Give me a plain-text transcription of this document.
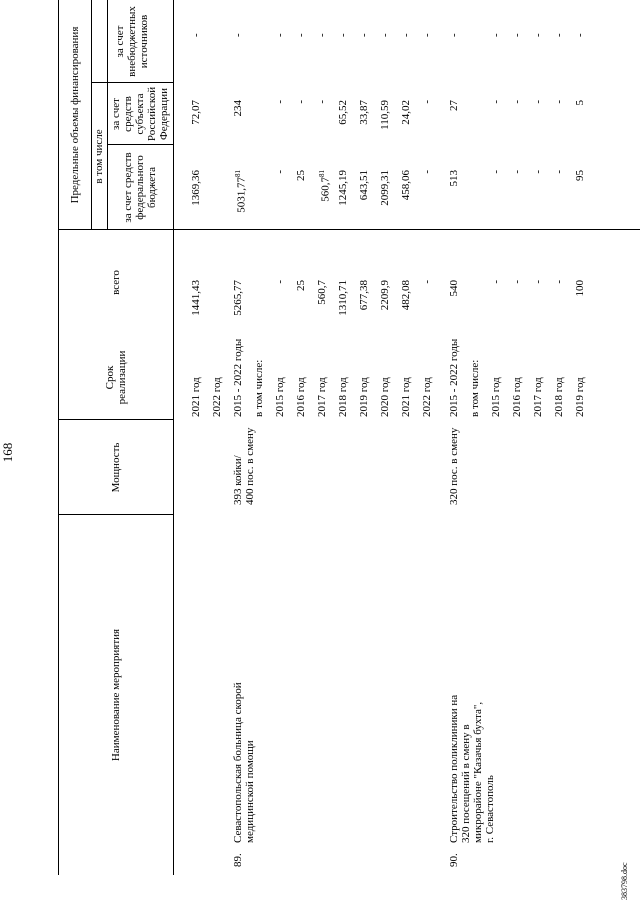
168
383798.doc
Наименование мероприятия
Мощность
Срок
реализации
всего
Предельные объемы финансирования	в том числе
за счет средств
федерального
бюджета
за счет средств
субъекта
Российской
Федерации
за счет
внебюджетных
источников
2021 год
1441,43
1369,36
72,07
-
2022 год
89.
Севастопольская больница скорой
медицинской помощи
393 койки/
400 пос. в смену
2015 - 2022 годы
5265,77
5031,77$^{81}$
234
-
в том числе: 2015 год
-
-
-
-
2016 год
25
25
-
-
2017 год
560,7
560,7$^{81}$
-
-
2018 год
1310,71
1245,19
65,52
-
2019 год
677,38
643,51
33,87
-
2020 год
2209,9
2099,31
110,59
-
2021 год
482,08
458,06
24,02
-
2022 год
-
-
-
-
90.
Строительство поликлиники на
320 посещений в смену в
микрорайоне "Казачья бухта",
г. Севастополь
320 пос. в смену
2015 - 2022 годы
540
513
27
-
в том числе: 2015 год
-
-
-
-
2016 год
-
-
-
-
2017 год
-
-
-
-
2018 год
-
-
-
-
2019 год
100
95
5
-
